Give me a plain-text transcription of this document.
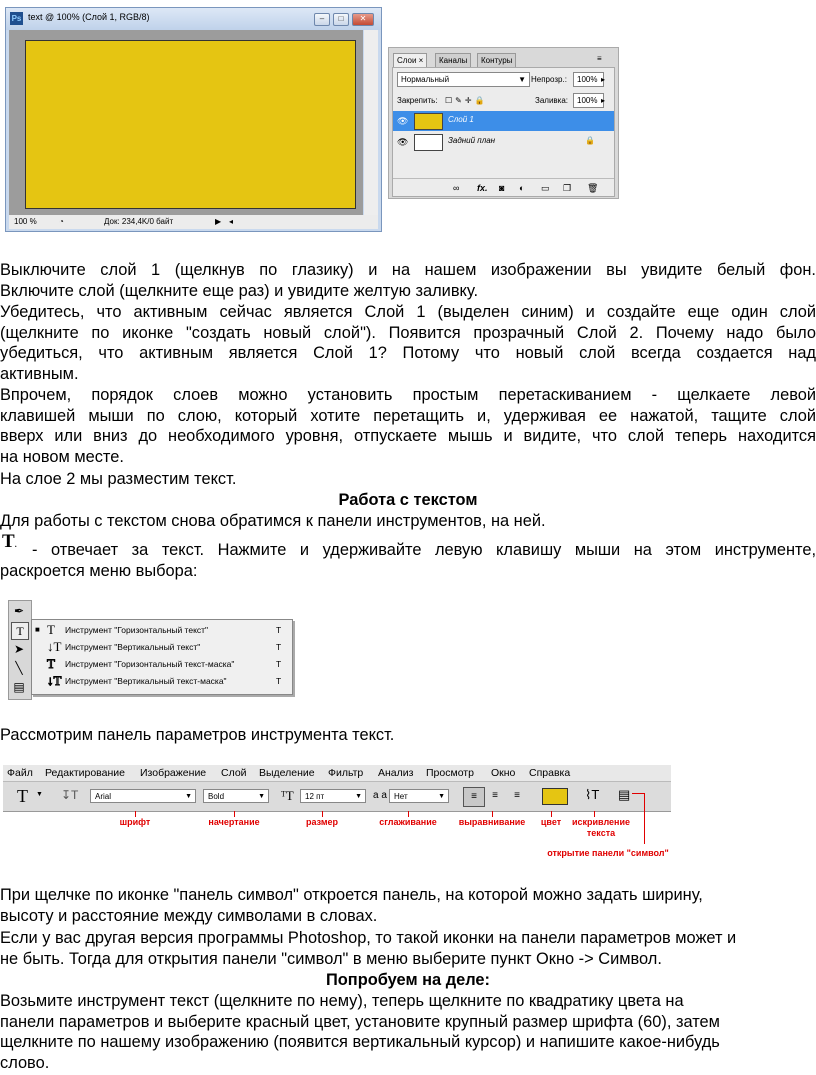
Ps text @ 100% (Слой 1, RGB/8)	–	□	✕
100 %	◔	Док: 234,4K/0 байт	▶ ◂
Слои ×	Каналы	Контуры	≡
Нормальный	▼ Непрозр.:	100% ▸
Закрепить: ☐✎✛🔒	Заливка:	100% ▸
👁	Слой 1
👁	Задний план	🔒
∞ fx. ◙ ◐ ▭ ❐ 🗑
Выключите слой 1 (щелкнув по глазику) и на нашем изображении вы увидите белый фон.
Включите слой (щелкните еще раз) и увидите желтую заливку.
Убедитесь, что активным сейчас является Слой 1 (выделен синим) и создайте еще один слой
(щелкните по иконке "создать новый слой"). Появится прозрачный Слой 2. Почему надо было
убедиться, что активным является Слой 1? Потому что новый слой всегда создается над
активным.
Впрочем, порядок слоев можно установить простым перетаскиванием - щелкаете левой
клавишей мыши по слою, который хотите перетащить и, удерживая ее нажатой, тащите слой
вверх или вниз до необходимого уровня, отпускаете мышь и видите, что слой теперь находится
на новом месте.
На слое 2 мы разместим текст.
Работа с текстом
Для работы с текстом снова обратимся к панели инструментов, на ней.
T. - отвечает за текст. Нажмите и удерживайте левую клавишу мыши на этом инструменте,
раскроется меню выбора:
✒
T
➤
╲
▤
■ T Инструмент "Горизонтальный текст"	T
↓T Инструмент "Вертикальный текст"	T
T Инструмент "Горизонтальный текст-маска"	T
↓T Инструмент "Вертикальный текст-маска"	T
Рассмотрим панель параметров инструмента текст.
Файл Редактирование Изображение Слой Выделение Фильтр Анализ Просмотр Окно Справка
T ▼ ↧T	Arial	▼	Bold	▼ ᵀT	12 пт	▼ a a Нет	▼	≡	≡	≡	⌇T ▤
шрифт	начертание	размер	сглаживание	выравнивание	цвет	искривление текста
открытие панели "символ"
При щелчке по иконке "панель символ" откроется панель, на которой можно задать ширину,
высоту и расстояние между символами в словах.
Если у вас другая версия программы Photoshop, то такой иконки на панели параметров может и
не быть. Тогда для открытия панели "символ" в меню выберите пункт Окно -> Символ.
Попробуем на деле:
Возьмите инструмент текст (щелкните по нему), теперь щелкните по квадратику цвета на
панели параметров и выберите красный цвет, установите крупный размер шрифта (60), затем
щелкните по нашему изображению (появится вертикальный курсор) и напишите какое-нибудь
слово.
